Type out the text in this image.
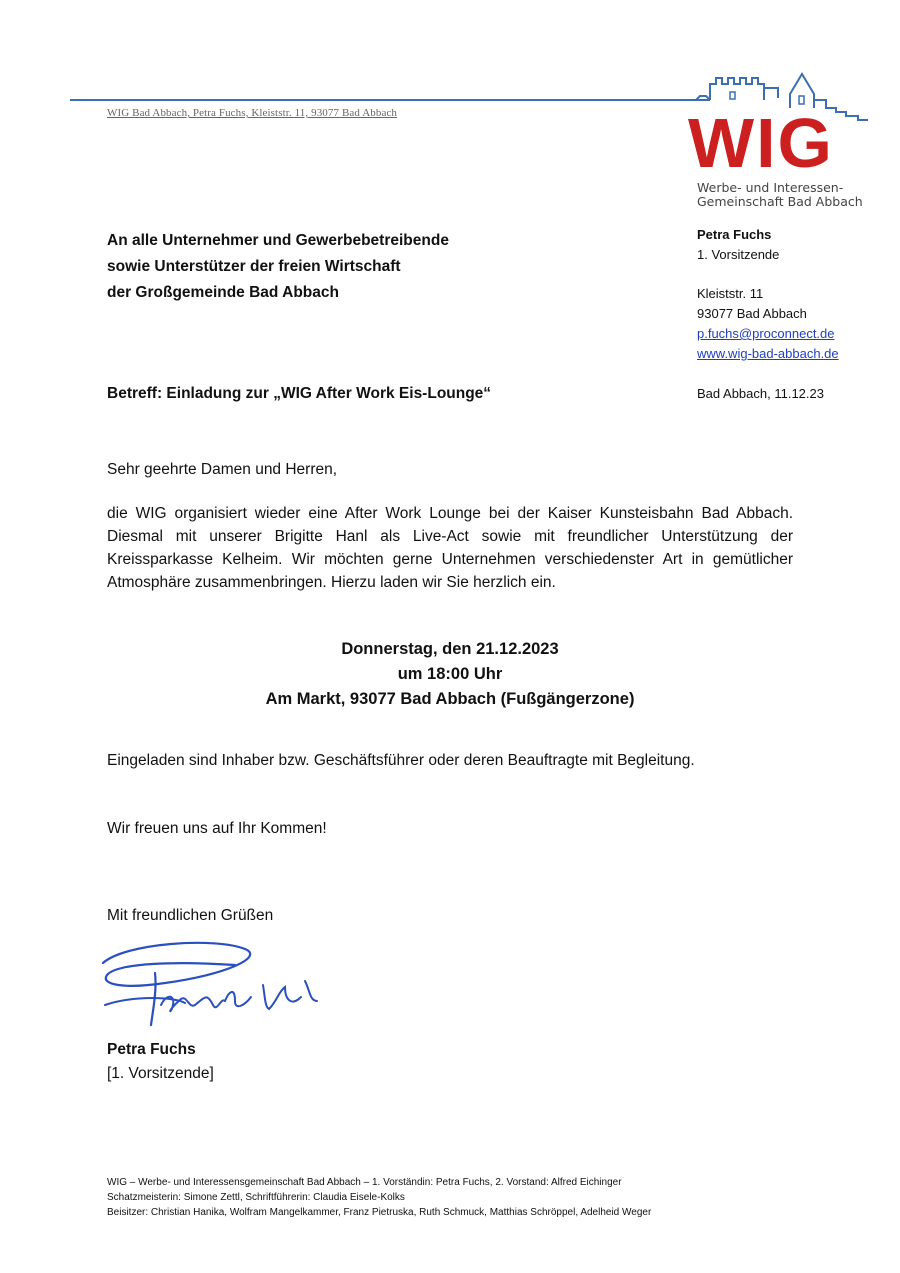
WIG Bad Abbach, Petra Fuchs, Kleiststr. 11, 93077 Bad Abbach	WIG
Werbe- und Interessen-
Gemeinschaft Bad Abbach
An alle Unternehmer und Gewerbebetreibende
sowie Unterstützer der freien Wirtschaft
der Großgemeinde Bad Abbach
Petra Fuchs
1. Vorsitzende
Kleiststr. 11
93077 Bad Abbach
p.fuchs@proconnect.de
www.wig-bad-abbach.de
Betreff: Einladung zur „WIG After Work Eis-Lounge“	Bad Abbach, 11.12.23
Sehr geehrte Damen und Herren,
die WIG organisiert wieder eine After Work Lounge bei der Kaiser Kunsteisbahn Bad Abbach. Diesmal mit unserer Brigitte Hanl als Live-Act sowie mit freundlicher Unterstützung der Kreissparkasse Kelheim. Wir möchten gerne Unternehmen verschiedenster Art in gemütlicher Atmosphäre zusammenbringen. Hierzu laden wir Sie herzlich ein.
Donnerstag, den 21.12.2023
um 18:00 Uhr
Am Markt, 93077 Bad Abbach (Fußgängerzone)
Eingeladen sind Inhaber bzw. Geschäftsführer oder deren Beauftragte mit Begleitung.
Wir freuen uns auf Ihr Kommen!
Mit freundlichen Grüßen
Petra Fuchs
[1. Vorsitzende]
WIG – Werbe- und Interessensgemeinschaft Bad Abbach – 1. Vorständin: Petra Fuchs, 2. Vorstand: Alfred Eichinger
Schatzmeisterin: Simone Zettl, Schriftführerin: Claudia Eisele-Kolks
Beisitzer: Christian Hanika, Wolfram Mangelkammer, Franz Pietruska, Ruth Schmuck, Matthias Schröppel, Adelheid Weger
